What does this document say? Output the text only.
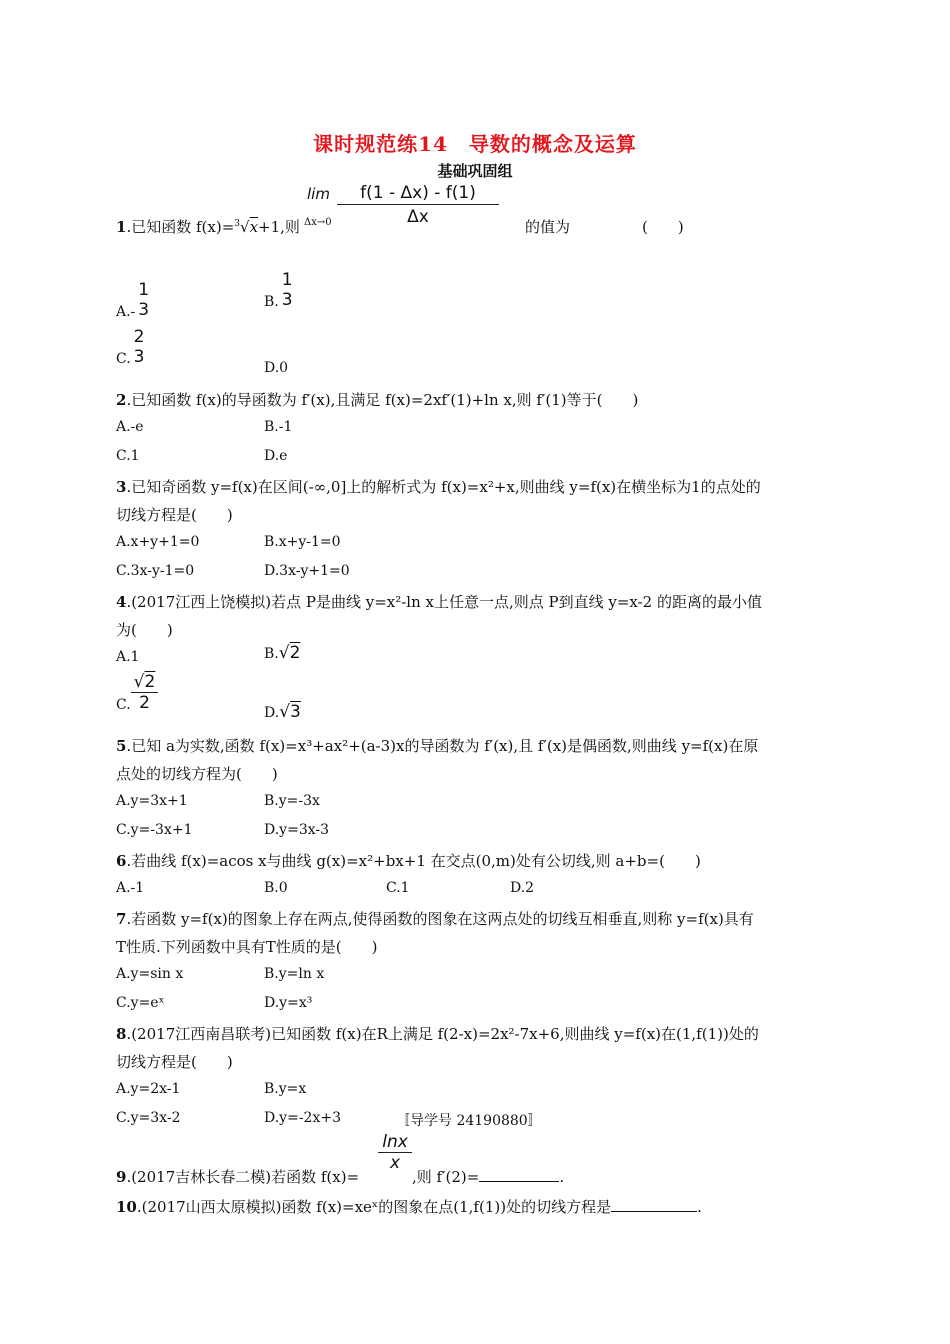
课时规范练14　导数的概念及运算
基础巩固组
1.已知函数 f(x)=$^3$√x+1,则
lim
Δx→0
f(1 - Δx) - f(1)
Δx	的值为	(　　)
A.-
1
3	B.
1
3
C.
2
3
D.0
2.已知函数 f(x)的导函数为 f′(x),且满足 f(x)=2xf′(1)+ln x,则 f′(1)等于(　　)
A.-e	B.-1
C.1	D.e
3.已知奇函数 y=f(x)在区间(-∞,0]上的解析式为 f(x)=x²+x,则曲线 y=f(x)在横坐标为1的点处的
切线方程是(　　)
A.x+y+1=0	B.x+y-1=0
C.3x-y-1=0	D.3x-y+1=0
4.(2017江西上饶模拟)若点 P是曲线 y=x²-ln x上任意一点,则点 P到直线 y=x-2 的距离的最小值
为(　　)
A.1	B.√2
C. $\frac{√2}{2}$	D.√3
5.已知 a为实数,函数 f(x)=x³+ax²+(a-3)x的导函数为 f′(x),且 f′(x)是偶函数,则曲线 y=f(x)在原
点处的切线方程为(　　)
A.y=3x+1	B.y=-3x
C.y=-3x+1	D.y=3x-3
6.若曲线 f(x)=acos x与曲线 g(x)=x²+bx+1 在交点(0,m)处有公切线,则 a+b=(　　)
A.-1	B.0	C.1	D.2
7.若函数 y=f(x)的图象上存在两点,使得函数的图象在这两点处的切线互相垂直,则称 y=f(x)具有
T性质.下列函数中具有T性质的是(　　)
A.y=sin x	B.y=ln x
C.y=eˣ	D.y=x³
8.(2017江西南昌联考)已知函数 f(x)在R上满足 f(2-x)=2x²-7x+6,则曲线 y=f(x)在(1,f(1))处的
切线方程是(　　)
A.y=2x-1	B.y=x
C.y=3x-2	D.y=-2x+3	〚导学号 24190880〛
lnx
x
9.(2017吉林长春二模)若函数 f(x)=	,则 f′(2)=	.
10.(2017山西太原模拟)函数 f(x)=xeˣ的图象在点(1,f(1))处的切线方程是	.
